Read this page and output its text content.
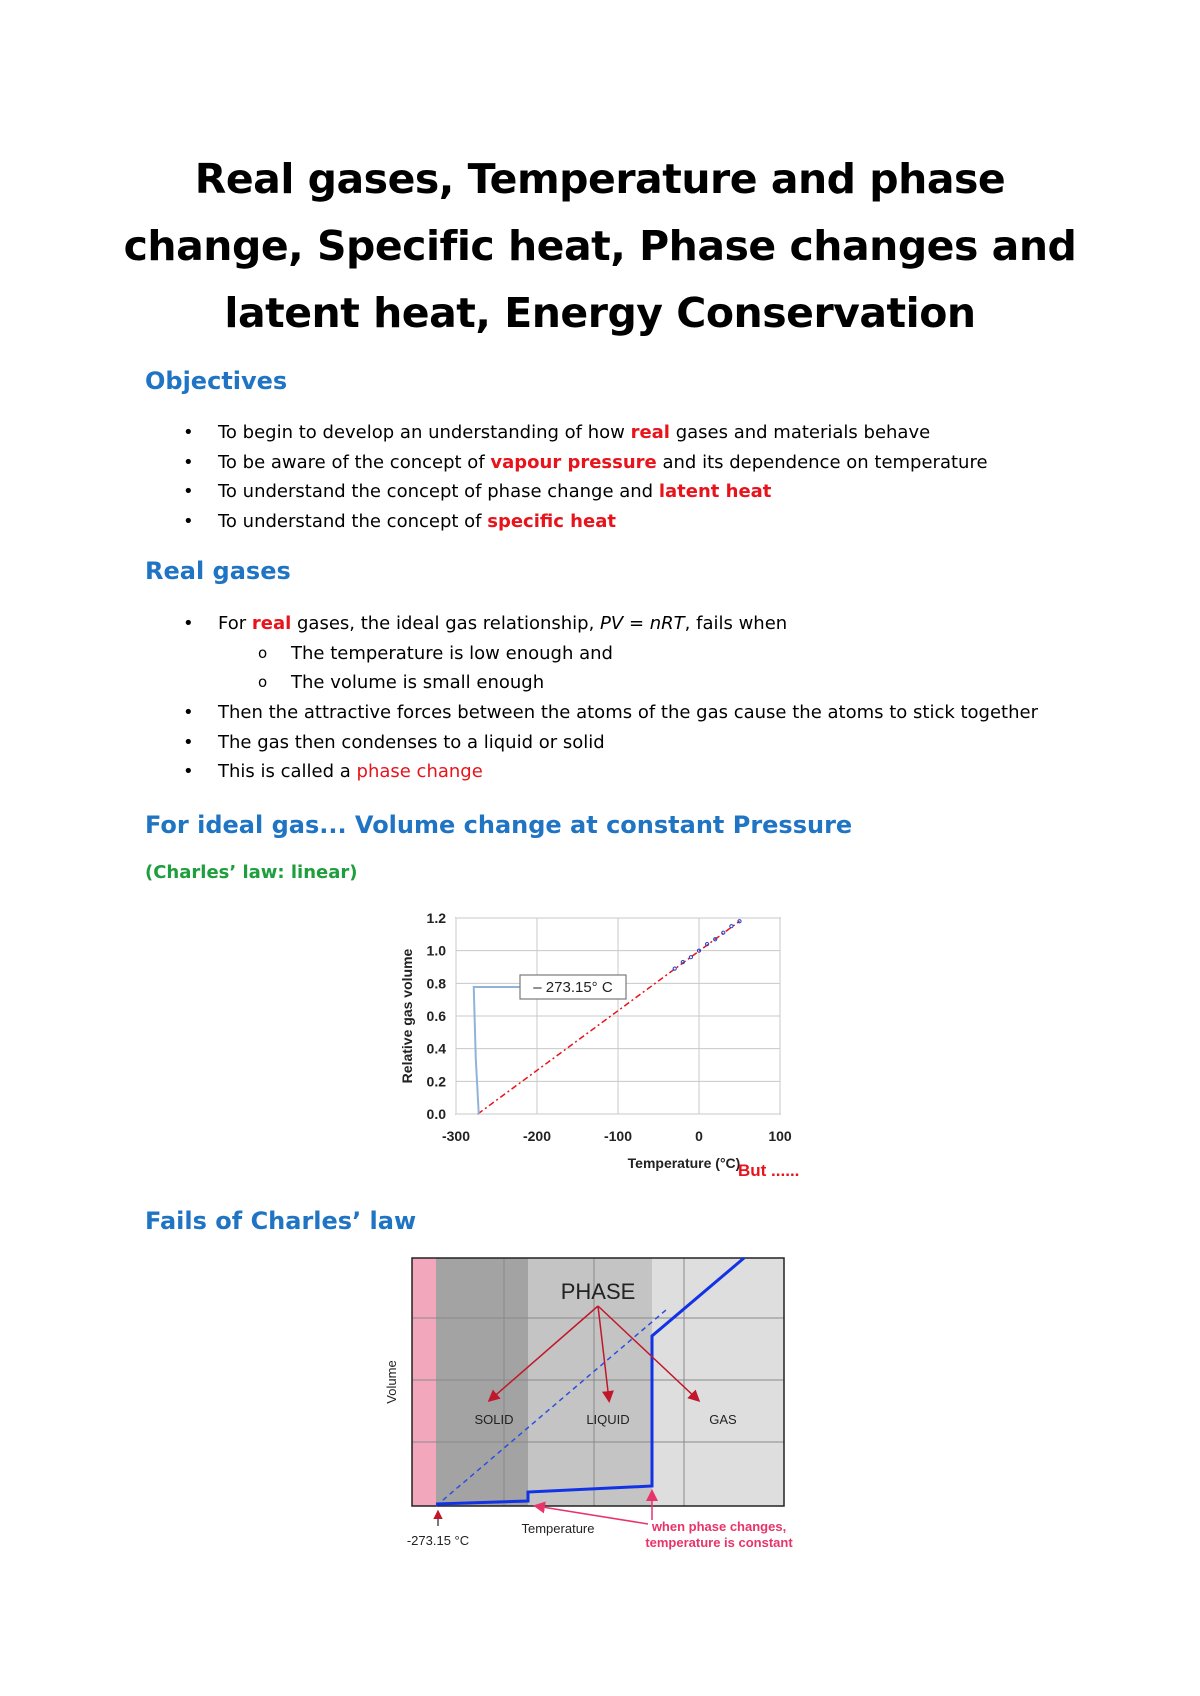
Real gases, Temperature and phase change, Specific heat, Phase changes and latent heat, Energy Conservation
Objectives
• To begin to develop an understanding of how real gases and materials behave
• To be aware of the concept of vapour pressure and its dependence on temperature
• To understand the concept of phase change and latent heat
• To understand the concept of specific heat
Real gases
• For real gases, the ideal gas relationship, PV = nRT, fails when
o The temperature is low enough and
o The volume is small enough
• Then the attractive forces between the atoms of the gas cause the atoms to stick together
• The gas then condenses to a liquid or solid
• This is called a phase change
For ideal gas... Volume change at constant Pressure
(Charles’ law: linear)
-300	-200	-100	0	100
0.0
0.2
0.4
0.6
0.8
1.0
1.2
– 273.15° C
Temperature (°C)
Relative gas volume
But ......
Fails of Charles’ law
PHASE
SOLID	LIQUID	GAS
Volume
Temperature
-273.15 °C
when phase changes,
temperature is constant
